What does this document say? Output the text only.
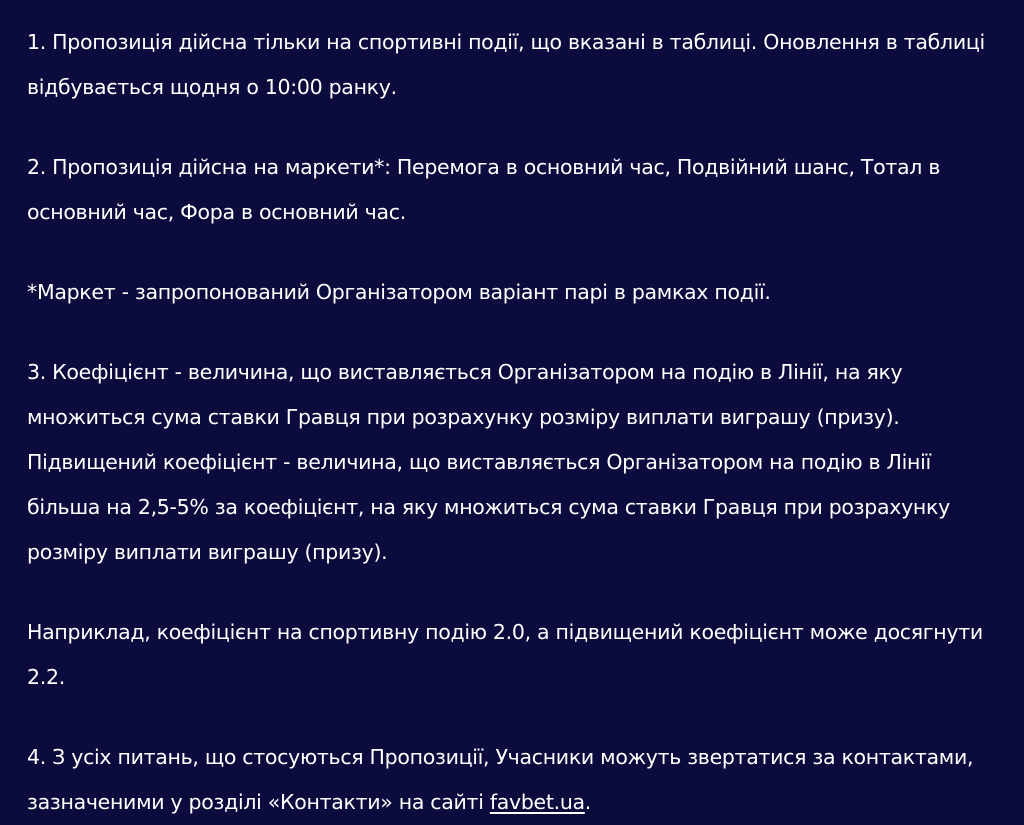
1. Пропозиція дійсна тільки на спортивні події, що вказані в таблиці. Оновлення в таблиці відбувається щодня о 10:00 ранку.

2. Пропозиція дійсна на маркети*: Перемога в основний час, Подвійний шанс, Тотал в основний час, Фора в основний час.

*Маркет - запропонований Організатором варіант парі в рамках події.

3. Коефіцієнт - величина, що виставляється Організатором на подію в Лінії, на яку множиться сума ставки Гравця при розрахунку розміру виплати виграшу (призу). Підвищений коефіцієнт - величина, що виставляється Організатором на подію в Лінії більша на 2,5-5% за коефіцієнт, на яку множиться сума ставки Гравця при розрахунку розміру виплати виграшу (призу).

Наприклад, коефіцієнт на спортивну подію 2.0, а підвищений коефіцієнт може досягнути 2.2.

4. З усіх питань, що стосуються Пропозиції, Учасники можуть звертатися за контактами, зазначеними у розділі «Контакти» на сайті favbet.ua.
